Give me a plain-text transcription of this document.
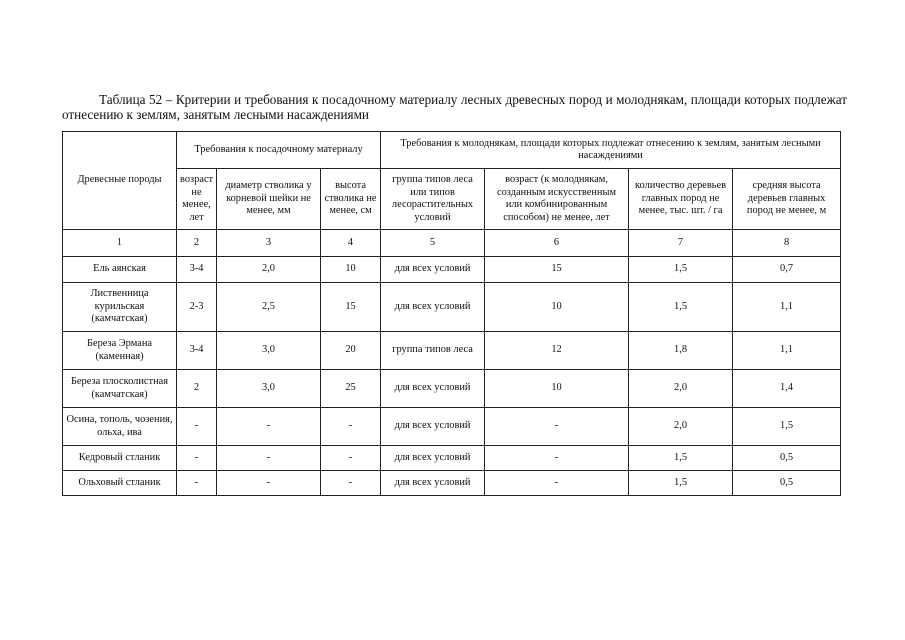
Таблица 52 – Критерии и требования к посадочному материалу лесных древесных пород и молоднякам, площади которых подлежат отнесению к землям, занятым лесными насаждениями
Древесные породы	Требования к посадочному материалу			Требования к молоднякам, площади которых подлежат отнесению к землям, занятым лесными насаждениями			
	возраст не менее, лет	диаметр стволика у корневой шейки не менее, мм	высота стволика не менее, см	группа типов леса или типов лесорастительных условий	возраст (к молоднякам, созданным искусственным или комбинированным способом) не менее, лет	количество деревьев главных пород не менее, тыс. шт. / га	средняя высота деревьев главных пород не менее, м
1	2	3	4	5	6	7	8
Ель аянская	3-4	2,0	10	для всех условий	15	1,5	0,7
Лиственница курильская (камчатская)	2-3	2,5	15	для всех условий	10	1,5	1,1
Береза Эрмана (каменная)	3-4	3,0	20	группа типов леса	12	1,8	1,1
Береза плосколистная (камчатская)	2	3,0	25	для всех условий	10	2,0	1,4
Осина, тополь, чозения, ольха, ива	-	-	-	для всех условий	-	2,0	1,5
Кедровый стланик	-	-	-	для всех условий	-	1,5	0,5
Ольховый стланик	-	-	-	для всех условий	-	1,5	0,5
